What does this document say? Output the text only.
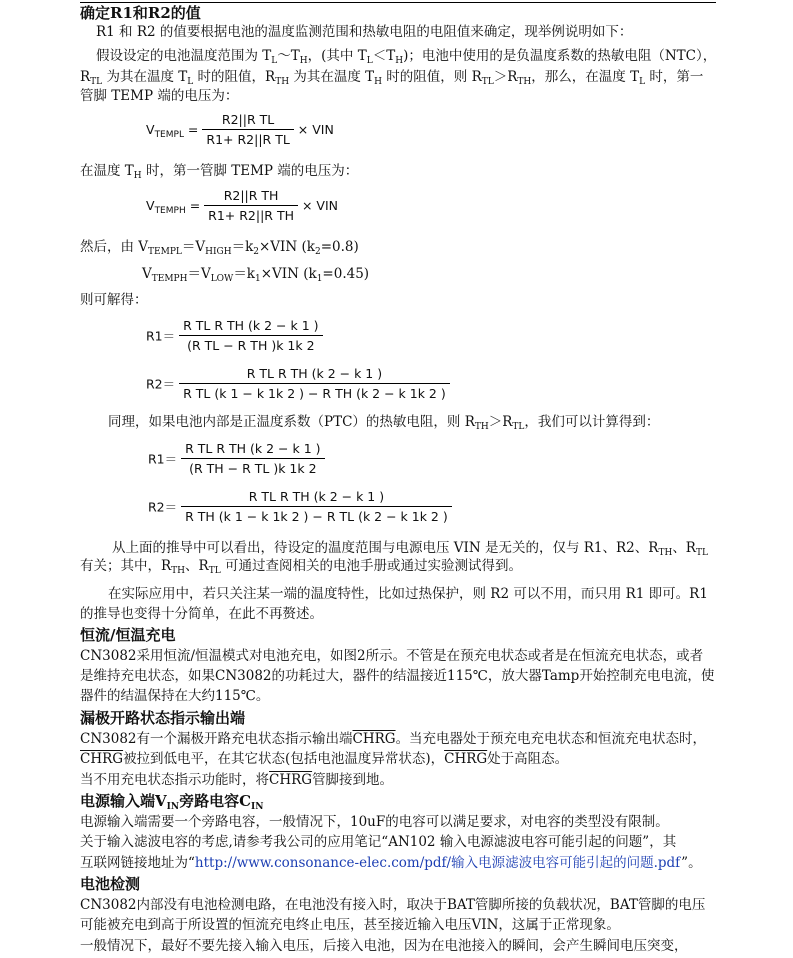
确定R1和R2的值
R1 和 R2 的值要根据电池的温度监测范围和热敏电阻的电阻值来确定，现举例说明如下：
假设设定的电池温度范围为 $T_L\sim T_H$，(其中 $T_L<T_H$)；电池中使用的是负温度系数的热敏电阻（NTC），
$R_{TL}$ 为其在温度 $T_L$ 时的阻值，$R_{TH}$ 为其在温度 $T_H$ 时的阻值，则 $R_{TL}>R_{TH}$，那么，在温度 $T_L$ 时，第一
管脚 TEMP 端的电压为：
$V_{TEMPL} = \frac{\text{R2||R TL}}{\text{R1+ R2||R TL}}$ × VIN
在温度 $T_H$ 时，第一管脚 TEMP 端的电压为：
$V_{TEMPH} = \frac{\text{R2||R TH}}{\text{R1+ R2||R TH}}$ × VIN
然后，由 $V_{TEMPL}=V_{HIGH}=k_2\times VIN$ $(k_2=0.8)$
$V_{TEMPH}=V_{LOW}=k_1\times VIN$ $(k_1=0.45)$
则可解得：
$R1= \frac{\text{R TL R TH (k 2 − k 1 )}}{\text{(R TL − R TH )k 1k 2}}$
$R2= \frac{\text{R TL R TH (k 2 − k 1 )}}{\text{R TL (k 1 − k 1k 2 ) − R TH (k 2 − k 1k 2 )}}$
同理，如果电池内部是正温度系数（PTC）的热敏电阻，则 $R_{TH}>R_{TL}$，我们可以计算得到：
$R1= \frac{\text{R TL R TH (k 2 − k 1 )}}{\text{(R TH − R TL )k 1k 2}}$
$R2= \frac{\text{R TL R TH (k 2 − k 1 )}}{\text{R TH (k 1 − k 1k 2 ) − R TL (k 2 − k 1k 2 )}}$
从上面的推导中可以看出，待设定的温度范围与电源电压 VIN 是无关的，仅与 R1、R2、$R_{TH}$、$R_{TL}$
有关；其中，$R_{TH}$、$R_{TL}$ 可通过查阅相关的电池手册或通过实验测试得到。
在实际应用中，若只关注某一端的温度特性，比如过热保护，则 R2 可以不用，而只用 R1 即可。R1
的推导也变得十分简单，在此不再赘述。
恒流/恒温充电
CN3082采用恒流/恒温模式对电池充电，如图2所示。不管是在预充电状态或者是在恒流充电状态，或者
是维持充电状态，如果CN3082的功耗过大，器件的结温接近115℃，放大器Tamp开始控制充电电流，使
器件的结温保持在大约115℃。
漏极开路状态指示输出端
CN3082有一个漏极开路充电状态指示输出端CHRG。当充电器处于预充电充电状态和恒流充电状态时，
CHRG被拉到低电平，在其它状态(包括电池温度异常状态)，CHRG处于高阻态。
当不用充电状态指示功能时，将CHRG管脚接到地。
电源输入端$V_{IN}$旁路电容$C_{IN}$
电源输入端需要一个旁路电容，一般情况下，10uF的电容可以满足要求，对电容的类型没有限制。
关于输入滤波电容的考虑,请参考我公司的应用笔记“AN102 输入电源滤波电容可能引起的问题”，其
互联网链接地址为“http://www.consonance-elec.com/pdf/输入电源滤波电容可能引起的问题.pdf”。
电池检测
CN3082内部没有电池检测电路，在电池没有接入时，取决于BAT管脚所接的负载状况，BAT管脚的电压
可能被充电到高于所设置的恒流充电终止电压，甚至接近输入电压VIN，这属于正常现象。
一般情况下，最好不要先接入输入电压，后接入电池，因为在电池接入的瞬间，会产生瞬间电压突变，
